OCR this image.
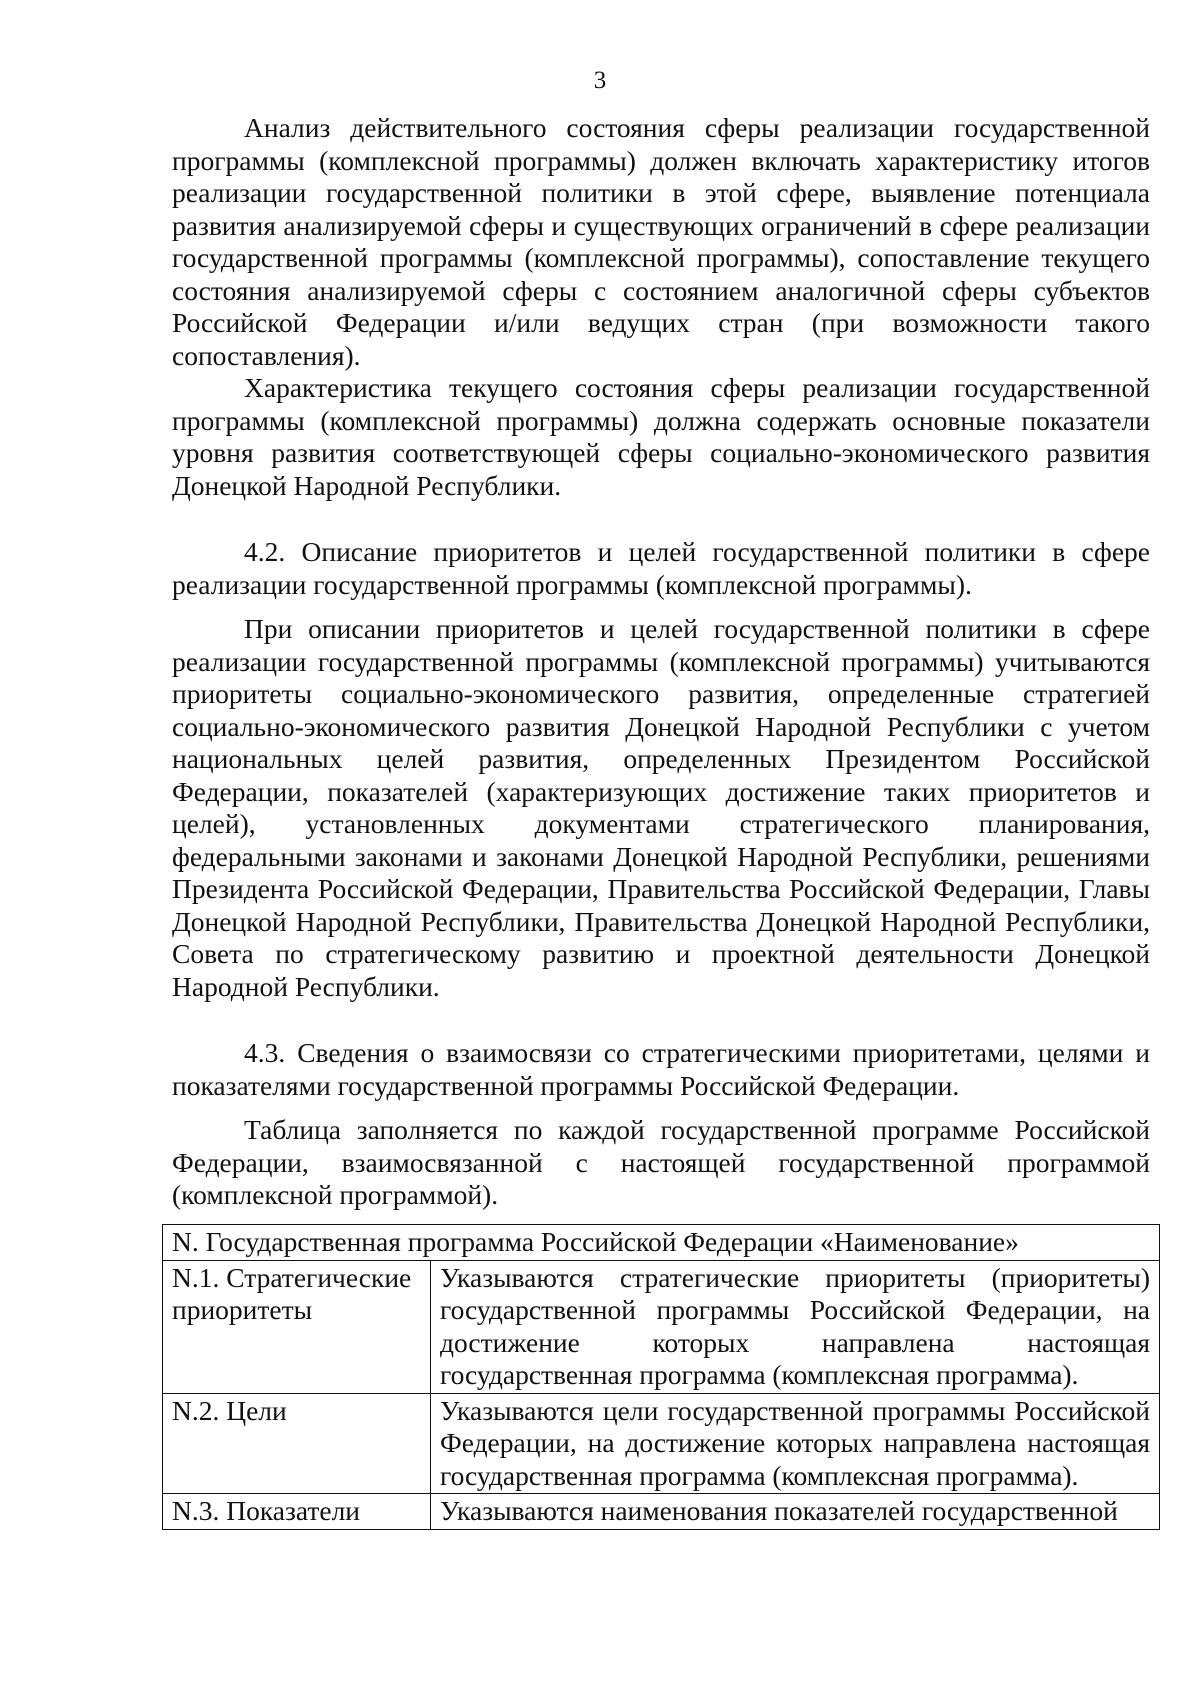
3

Анализ действительного состояния сферы реализации государственной программы (комплексной программы) должен включать характеристику итогов реализации государственной политики в этой сфере, выявление потенциала развития анализируемой сферы и существующих ограничений в сфере реализации государственной программы (комплексной программы), сопоставление текущего состояния анализируемой сферы с состоянием аналогичной сферы субъектов Российской Федерации и/или ведущих стран (при возможности такого сопоставления).

Характеристика текущего состояния сферы реализации государственной программы (комплексной программы) должна содержать основные показатели уровня развития соответствующей сферы социально-экономического развития Донецкой Народной Республики.

4.2. Описание приоритетов и целей государственной политики в сфере реализации государственной программы (комплексной программы).

При описании приоритетов и целей государственной политики в сфере реализации государственной программы (комплексной программы) учитываются приоритеты социально-экономического развития, определенные стратегией социально-экономического развития Донецкой Народной Республики с учетом национальных целей развития, определенных Президентом Российской Федерации, показателей (характеризующих достижение таких приоритетов и целей), установленных документами стратегического планирования, федеральными законами и законами Донецкой Народной Республики, решениями Президента Российской Федерации, Правительства Российской Федерации, Главы Донецкой Народной Республики, Правительства Донецкой Народной Республики, Совета по стратегическому развитию и проектной деятельности Донецкой Народной Республики.

4.3. Сведения о взаимосвязи со стратегическими приоритетами, целями и показателями государственной программы Российской Федерации.

Таблица заполняется по каждой государственной программе Российской Федерации, взаимосвязанной с настоящей государственной программой (комплексной программой).

N. Государственная программа Российской Федерации «Наименование»	
N.1. Стратегические приоритеты	Указываются стратегические приоритеты (приоритеты) государственной программы Российской Федерации, на достижение которых направлена настоящая государственная программа (комплексная программа).
N.2. Цели	Указываются цели государственной программы Российской Федерации, на достижение которых направлена настоящая государственная программа (комплексная программа).
N.3. Показатели	Указываются наименования показателей государственной
